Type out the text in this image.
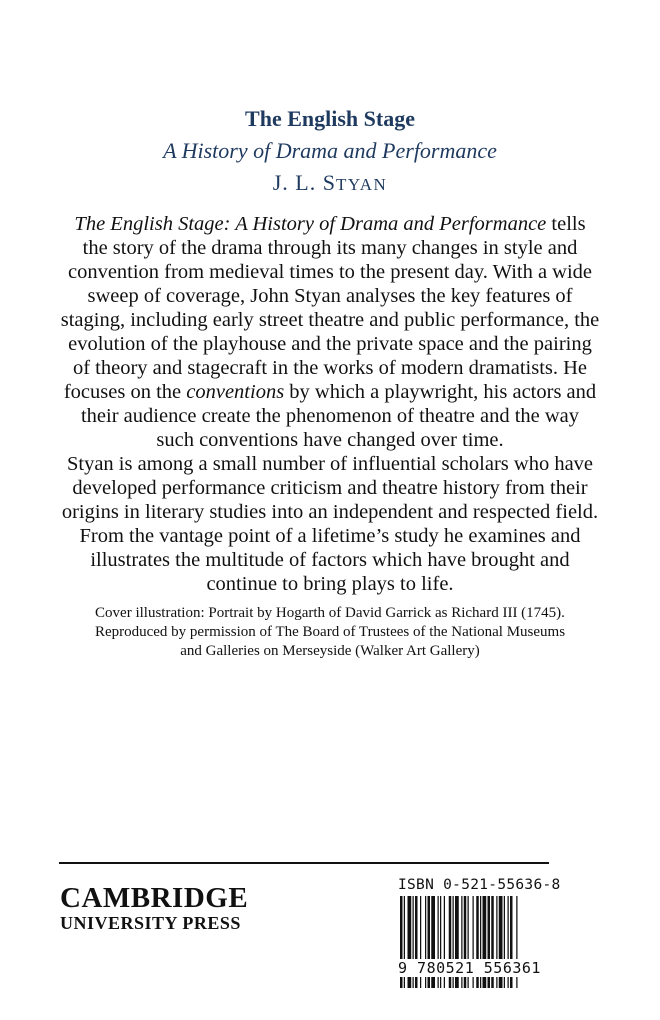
The English Stage
A History of Drama and Performance
J. L. STYAN

The English Stage: A History of Drama and Performance tells the story of the drama through its many changes in style and convention from medieval times to the present day. With a wide sweep of coverage, John Styan analyses the key features of staging, including early street theatre and public performance, the evolution of the playhouse and the private space and the pairing of theory and stagecraft in the works of modern dramatists. He focuses on the conventions by which a playwright, his actors and their audience create the phenomenon of theatre and the way such conventions have changed over time.

Styan is among a small number of influential scholars who have developed performance criticism and theatre history from their origins in literary studies into an independent and respected field. From the vantage point of a lifetime’s study he examines and illustrates the multitude of factors which have brought and continue to bring plays to life.

Cover illustration: Portrait by Hogarth of David Garrick as Richard III (1745).
Reproduced by permission of The Board of Trustees of the National Museums
and Galleries on Merseyside (Walker Art Gallery)
CAMBRIDGE
UNIVERSITY PRESS
ISBN 0-521-55636-8
9 780521 556361
